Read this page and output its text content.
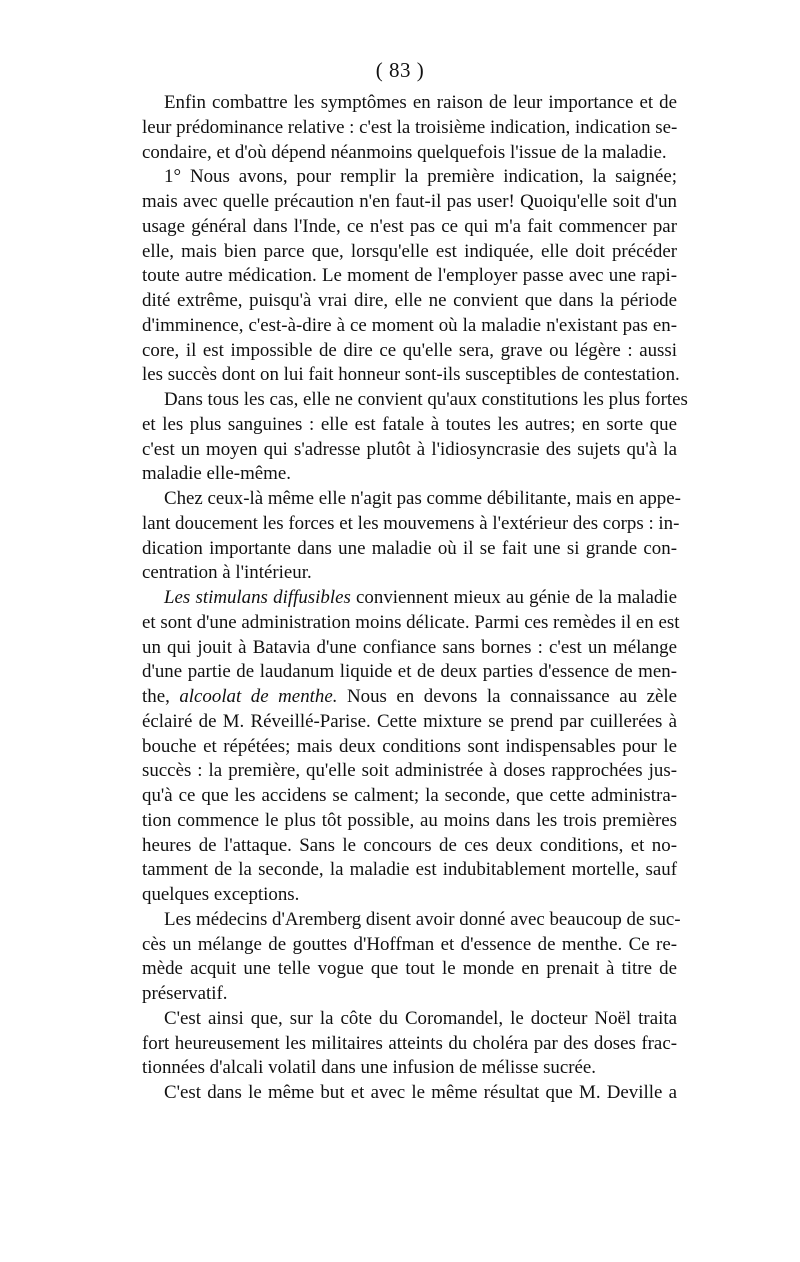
( 83 )
Enfin combattre les symptômes en raison de leur importance et de
leur prédominance relative : c'est la troisième indication, indication se-
condaire, et d'où dépend néanmoins quelquefois l'issue de la maladie.
1° Nous avons, pour remplir la première indication, la saignée;
mais avec quelle précaution n'en faut-il pas user! Quoiqu'elle soit d'un
usage général dans l'Inde, ce n'est pas ce qui m'a fait commencer par
elle, mais bien parce que, lorsqu'elle est indiquée, elle doit précéder
toute autre médication. Le moment de l'employer passe avec une rapi-
dité extrême, puisqu'à vrai dire, elle ne convient que dans la période
d'imminence, c'est-à-dire à ce moment où la maladie n'existant pas en-
core, il est impossible de dire ce qu'elle sera, grave ou légère : aussi
les succès dont on lui fait honneur sont-ils susceptibles de contestation.
Dans tous les cas, elle ne convient qu'aux constitutions les plus fortes
et les plus sanguines : elle est fatale à toutes les autres; en sorte que
c'est un moyen qui s'adresse plutôt à l'idiosyncrasie des sujets qu'à la
maladie elle-même.
Chez ceux-là même elle n'agit pas comme débilitante, mais en appe-
lant doucement les forces et les mouvemens à l'extérieur des corps : in-
dication importante dans une maladie où il se fait une si grande con-
centration à l'intérieur.
Les stimulans diffusibles conviennent mieux au génie de la maladie
et sont d'une administration moins délicate. Parmi ces remèdes il en est
un qui jouit à Batavia d'une confiance sans bornes : c'est un mélange
d'une partie de laudanum liquide et de deux parties d'essence de men-
the, alcoolat de menthe. Nous en devons la connaissance au zèle
éclairé de M. Réveillé-Parise. Cette mixture se prend par cuillerées à
bouche et répétées; mais deux conditions sont indispensables pour le
succès : la première, qu'elle soit administrée à doses rapprochées jus-
qu'à ce que les accidens se calment; la seconde, que cette administra-
tion commence le plus tôt possible, au moins dans les trois premières
heures de l'attaque. Sans le concours de ces deux conditions, et no-
tamment de la seconde, la maladie est indubitablement mortelle, sauf
quelques exceptions.
Les médecins d'Aremberg disent avoir donné avec beaucoup de suc-
cès un mélange de gouttes d'Hoffman et d'essence de menthe. Ce re-
mède acquit une telle vogue que tout le monde en prenait à titre de
préservatif.
C'est ainsi que, sur la côte du Coromandel, le docteur Noël traita
fort heureusement les militaires atteints du choléra par des doses frac-
tionnées d'alcali volatil dans une infusion de mélisse sucrée.
C'est dans le même but et avec le même résultat que M. Deville a
